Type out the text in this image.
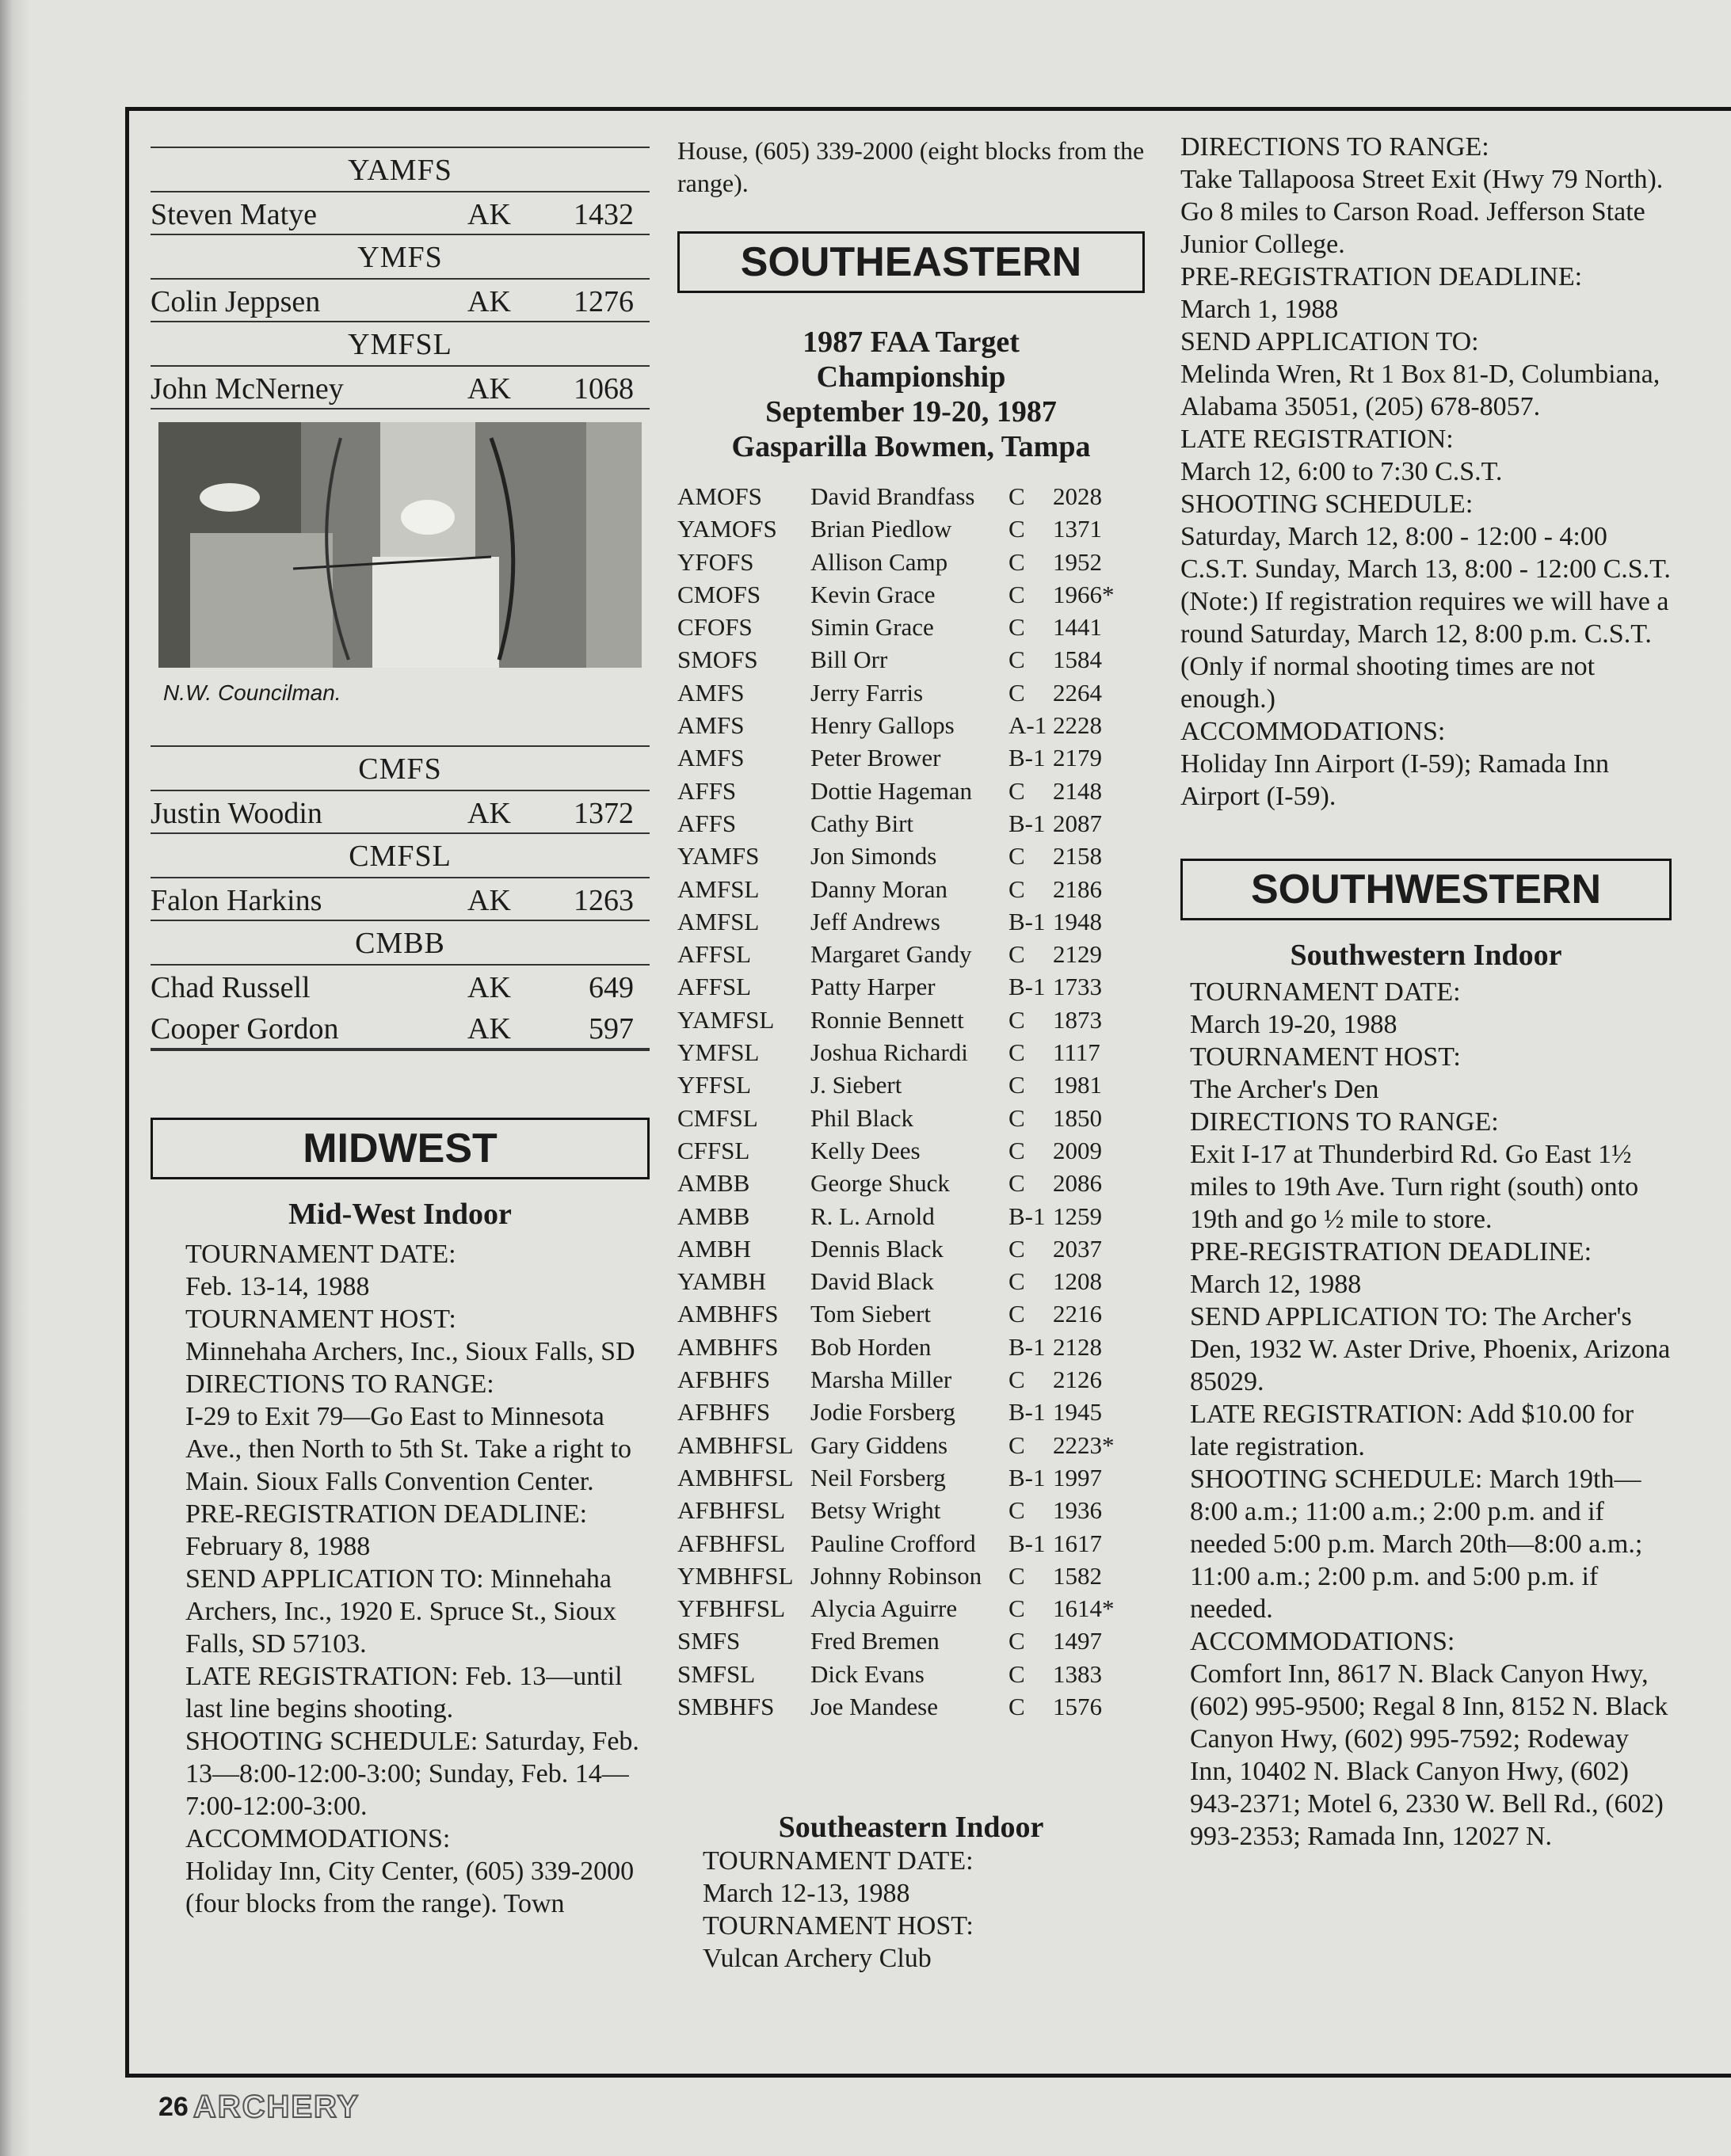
YAMFS
Steven Matye	AK	1432
YMFS
Colin Jeppsen	AK	1276
YMFSL
John McNerney	AK	1068
N.W. Councilman.
CMFS
Justin Woodin	AK	1372
CMFSL
Falon Harkins	AK	1263
CMBB
Chad Russell	AK	649
Cooper Gordon	AK	597
MIDWEST
Mid-West Indoor
TOURNAMENT DATE:
Feb. 13-14, 1988
TOURNAMENT HOST:
Minnehaha Archers, Inc., Sioux Falls, SD
DIRECTIONS TO RANGE:
I-29 to Exit 79—Go East to Minnesota Ave., then North to 5th St. Take a right to Main. Sioux Falls Convention Center.
PRE-REGISTRATION DEADLINE:
February 8, 1988
SEND APPLICATION TO: Minnehaha Archers, Inc., 1920 E. Spruce St., Sioux Falls, SD 57103.
LATE REGISTRATION: Feb. 13—until last line begins shooting.
SHOOTING SCHEDULE: Saturday, Feb. 13—8:00-12:00-3:00; Sunday, Feb. 14—7:00-12:00-3:00.
ACCOMMODATIONS:
Holiday Inn, City Center, (605) 339-2000 (four blocks from the range). Town
House, (605) 339-2000 (eight blocks from the range).
SOUTHEASTERN
1987 FAA Target
Championship
September 19-20, 1987
Gasparilla Bowmen, Tampa
AMOFS	David Brandfass	C	2028
YAMOFS	Brian Piedlow	C	1371
YFOFS	Allison Camp	C	1952
CMOFS	Kevin Grace	C	1966*
CFOFS	Simin Grace	C	1441
SMOFS	Bill Orr	C	1584
AMFS	Jerry Farris	C	2264
AMFS	Henry Gallops	A-1 2228
AMFS	Peter Brower	B-1 2179
AFFS	Dottie Hageman	C	2148
AFFS	Cathy Birt	B-1 2087
YAMFS	Jon Simonds	C	2158
AMFSL	Danny Moran	C	2186
AMFSL	Jeff Andrews	B-1 1948
AFFSL	Margaret Gandy	C	2129
AFFSL	Patty Harper	B-1 1733
YAMFSL	Ronnie Bennett	C	1873
YMFSL	Joshua Richardi	C	1117
YFFSL	J. Siebert	C	1981
CMFSL	Phil Black	C	1850
CFFSL	Kelly Dees	C	2009
AMBB	George Shuck	C	2086
AMBB	R. L. Arnold	B-1 1259
AMBH	Dennis Black	C	2037
YAMBH	David Black	C	1208
AMBHFS	Tom Siebert	C	2216
AMBHFS	Bob Horden	B-1 2128
AFBHFS	Marsha Miller	C	2126
AFBHFS	Jodie Forsberg	B-1 1945
AMBHFSL Gary Giddens	C	2223*
AMBHFSL Neil Forsberg	B-1 1997
AFBHFSL	Betsy Wright	C	1936
AFBHFSL	Pauline Crofford	B-1 1617
YMBHFSL Johnny Robinson	C	1582
YFBHFSL	Alycia Aguirre	C	1614*
SMFS	Fred Bremen	C	1497
SMFSL	Dick Evans	C	1383
SMBHFS	Joe Mandese	C	1576
Southeastern Indoor
TOURNAMENT DATE:
March 12-13, 1988
TOURNAMENT HOST:
Vulcan Archery Club
DIRECTIONS TO RANGE:
Take Tallapoosa Street Exit (Hwy 79 North). Go 8 miles to Carson Road. Jefferson State Junior College.
PRE-REGISTRATION DEADLINE:
March 1, 1988
SEND APPLICATION TO:
Melinda Wren, Rt 1 Box 81-D, Columbiana, Alabama 35051, (205) 678-8057.
LATE REGISTRATION:
March 12, 6:00 to 7:30 C.S.T.
SHOOTING SCHEDULE:
Saturday, March 12, 8:00 - 12:00 - 4:00 C.S.T. Sunday, March 13, 8:00 - 12:00 C.S.T. (Note:) If registration requires we will have a round Saturday, March 12, 8:00 p.m. C.S.T. (Only if normal shooting times are not enough.)
ACCOMMODATIONS:
Holiday Inn Airport (I-59); Ramada Inn Airport (I-59).
SOUTHWESTERN
Southwestern Indoor
TOURNAMENT DATE:
March 19-20, 1988
TOURNAMENT HOST:
The Archer's Den
DIRECTIONS TO RANGE:
Exit I-17 at Thunderbird Rd. Go East 1½ miles to 19th Ave. Turn right (south) onto 19th and go ½ mile to store.
PRE-REGISTRATION DEADLINE:
March 12, 1988
SEND APPLICATION TO: The Archer's Den, 1932 W. Aster Drive, Phoenix, Arizona 85029.
LATE REGISTRATION: Add $10.00 for late registration.
SHOOTING SCHEDULE: March 19th—8:00 a.m.; 11:00 a.m.; 2:00 p.m. and if needed 5:00 p.m. March 20th—8:00 a.m.; 11:00 a.m.; 2:00 p.m. and 5:00 p.m. if needed.
ACCOMMODATIONS:
Comfort Inn, 8617 N. Black Canyon Hwy, (602) 995-9500; Regal 8 Inn, 8152 N. Black Canyon Hwy, (602) 995-7592; Rodeway Inn, 10402 N. Black Canyon Hwy, (602) 943-2371; Motel 6, 2330 W. Bell Rd., (602) 993-2353; Ramada Inn, 12027 N.
26 ARCHERY
